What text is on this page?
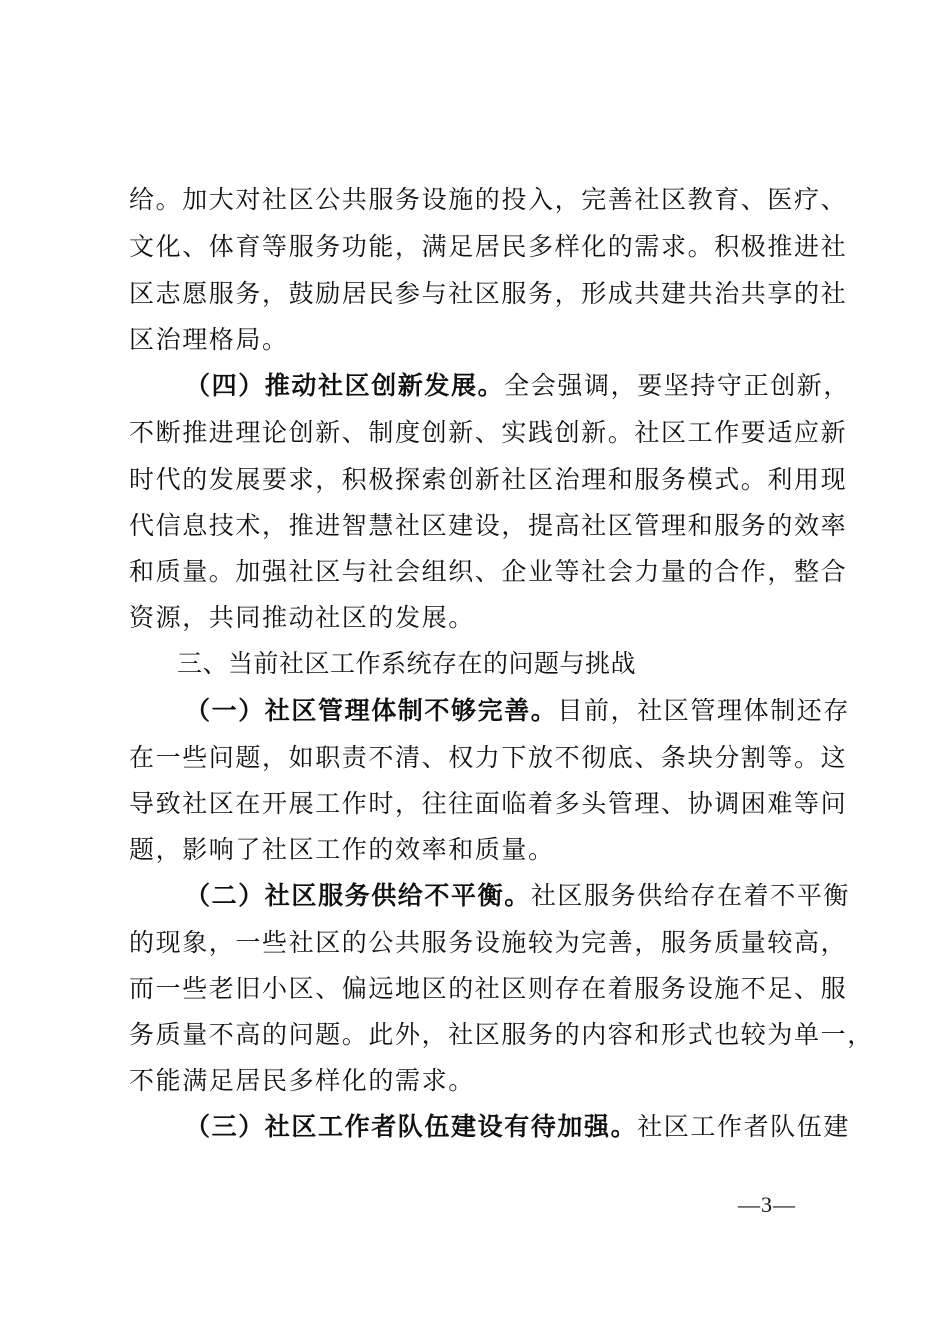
给。加大对社区公共服务设施的投入，完善社区教育、医疗、
文化、体育等服务功能，满足居民多样化的需求。积极推进社
区志愿服务，鼓励居民参与社区服务，形成共建共治共享的社
区治理格局。
（四）推动社区创新发展。全会强调，要坚持守正创新，
不断推进理论创新、制度创新、实践创新。社区工作要适应新
时代的发展要求，积极探索创新社区治理和服务模式。利用现
代信息技术，推进智慧社区建设，提高社区管理和服务的效率
和质量。加强社区与社会组织、企业等社会力量的合作，整合
资源，共同推动社区的发展。
三、当前社区工作系统存在的问题与挑战
（一）社区管理体制不够完善。目前，社区管理体制还存
在一些问题，如职责不清、权力下放不彻底、条块分割等。这
导致社区在开展工作时，往往面临着多头管理、协调困难等问
题，影响了社区工作的效率和质量。
（二）社区服务供给不平衡。社区服务供给存在着不平衡
的现象，一些社区的公共服务设施较为完善，服务质量较高，
而一些老旧小区、偏远地区的社区则存在着服务设施不足、服
务质量不高的问题。此外，社区服务的内容和形式也较为单一，
不能满足居民多样化的需求。
（三）社区工作者队伍建设有待加强。社区工作者队伍建
—3—
